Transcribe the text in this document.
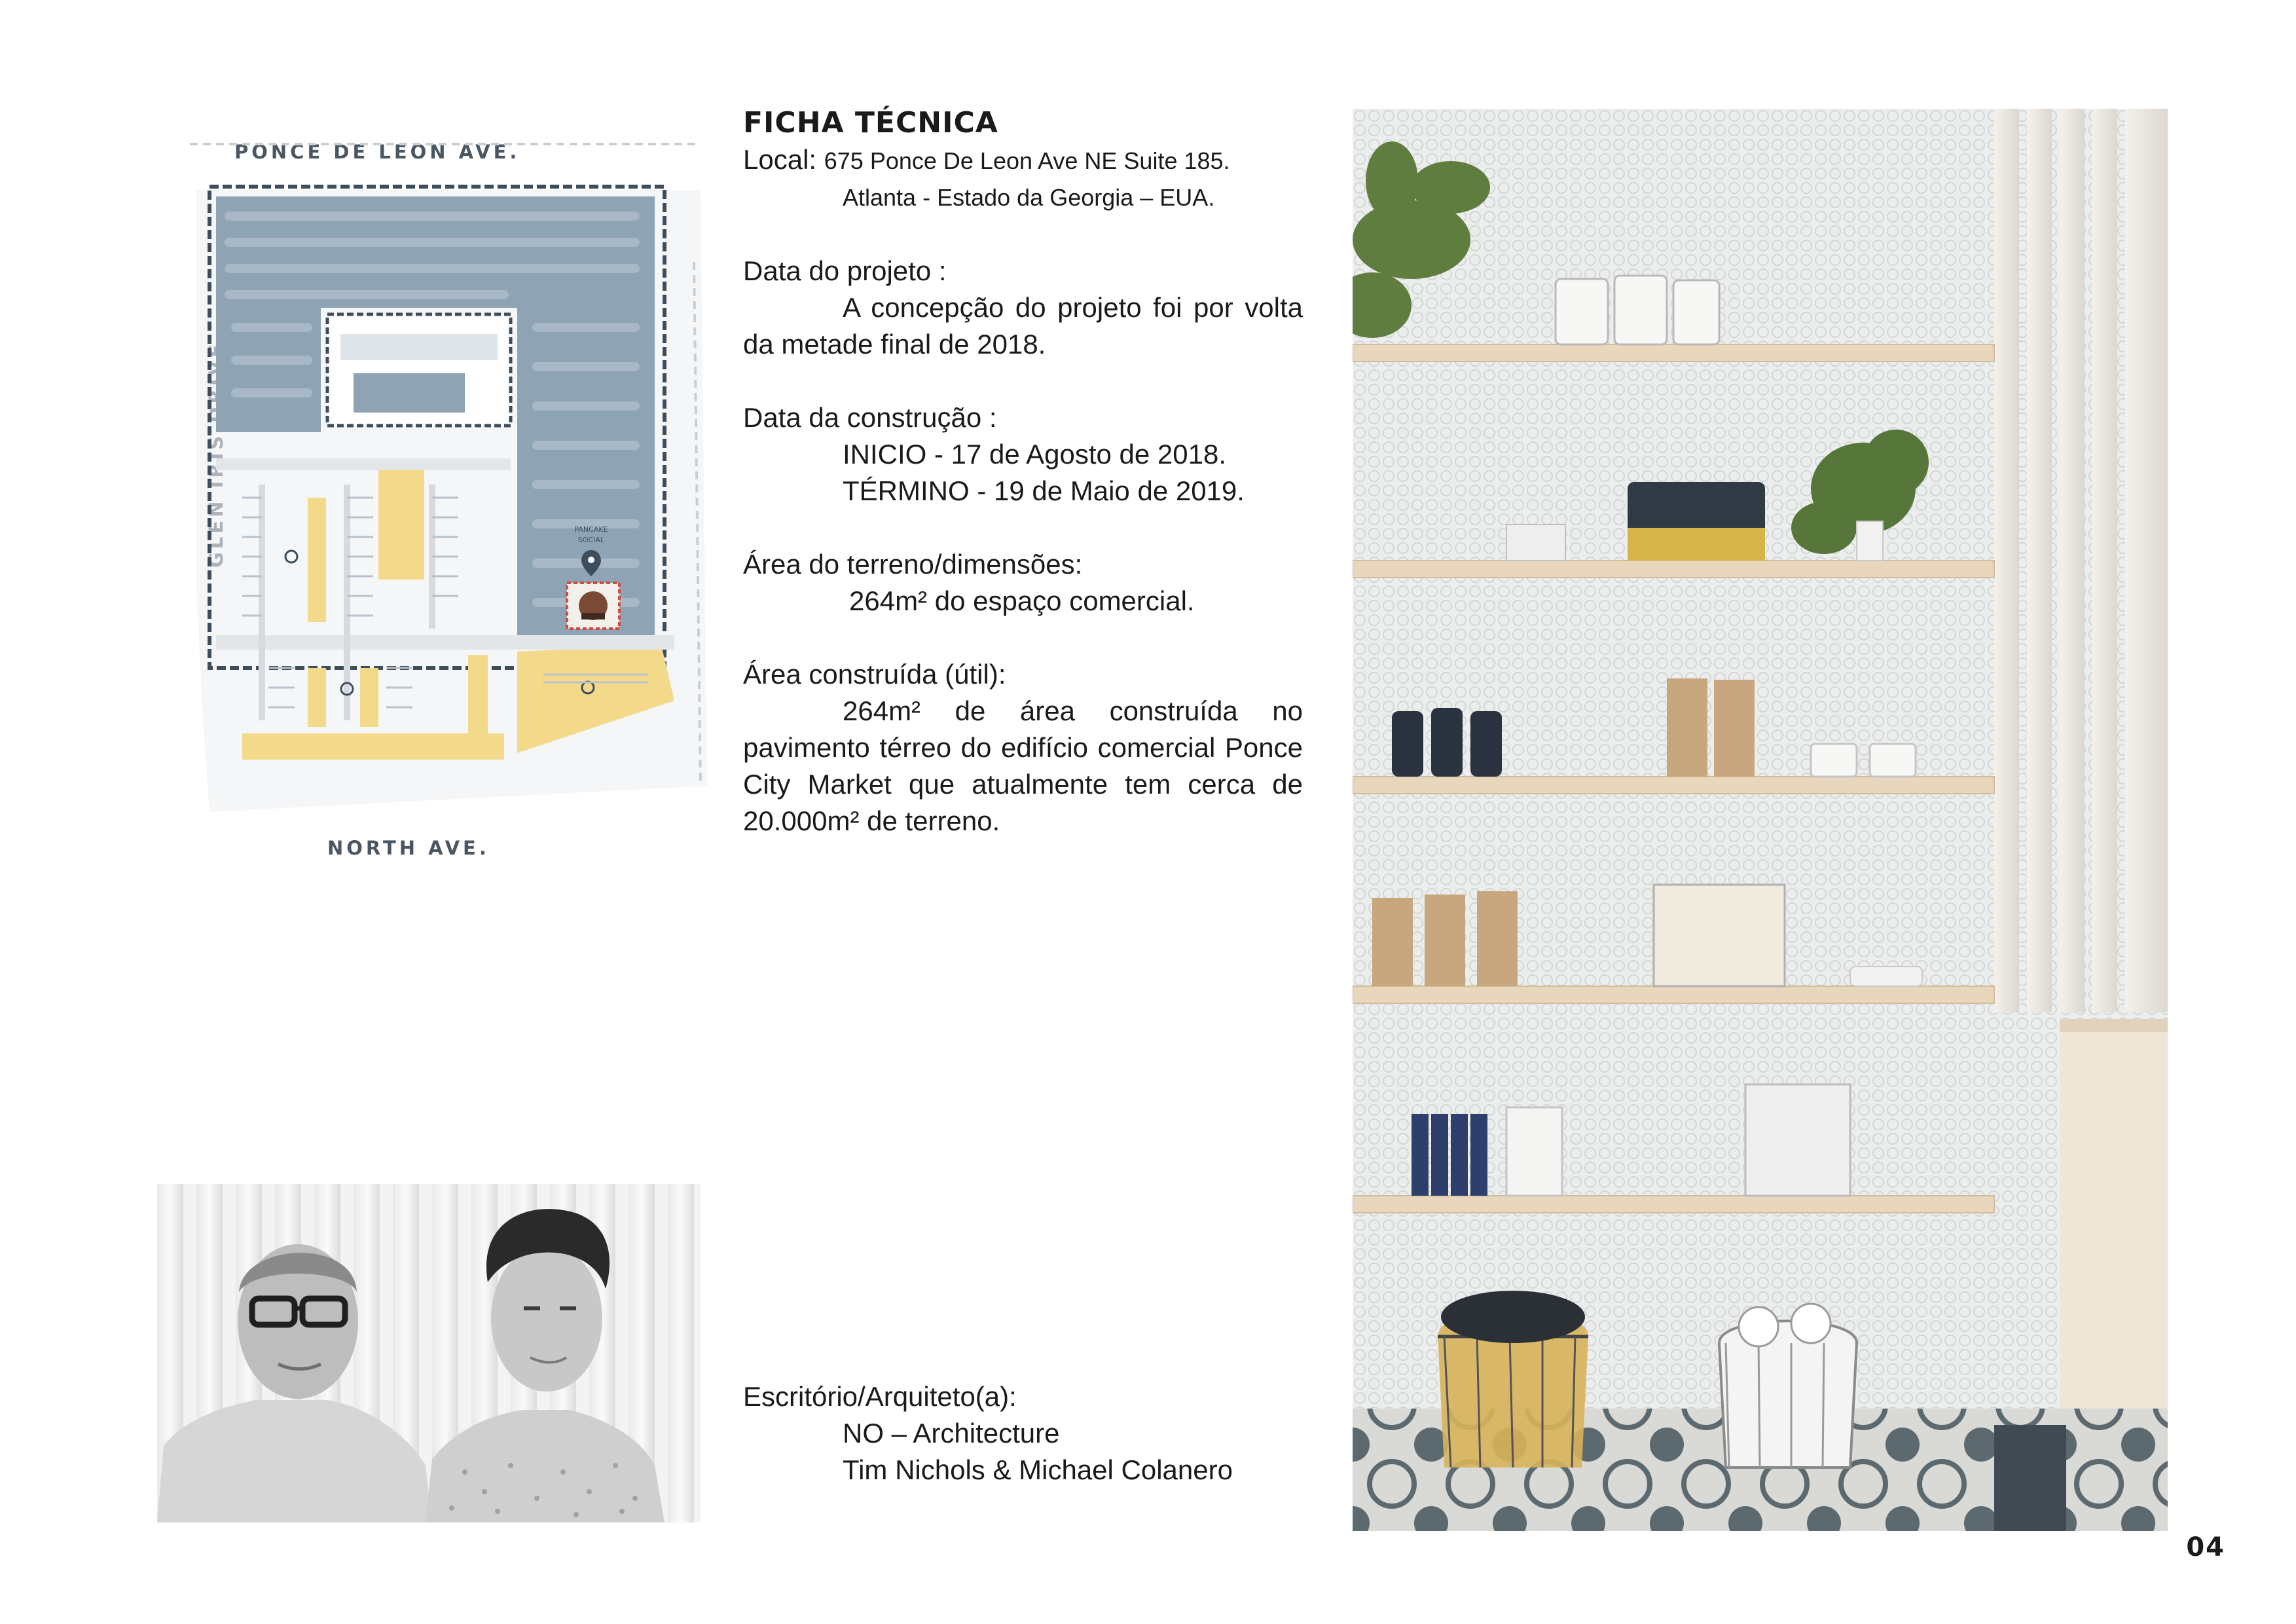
PONCE DE LEON AVE.
NORTH AVE.
PANCAKE
SOCIAL
FICHA TÉCNICA
Local: 675 Ponce De Leon Ave NE Suite 185.
Atlanta - Estado da Georgia – EUA.
Data do projeto :
A concepção do projeto foi por volta da metade final de 2018.
Data da construção :
INICIO - 17 de Agosto de 2018.
TÉRMINO - 19 de Maio de 2019.
Área do terreno/dimensões:
264m² do espaço comercial.
Área construída (útil):
264m² de área construída no pavimento térreo do edifício comercial Ponce City Market que atualmente tem cerca de 20.000m² de terreno.
Escritório/Arquiteto(a):
NO – Architecture
Tim Nichols & Michael Colanero
04
